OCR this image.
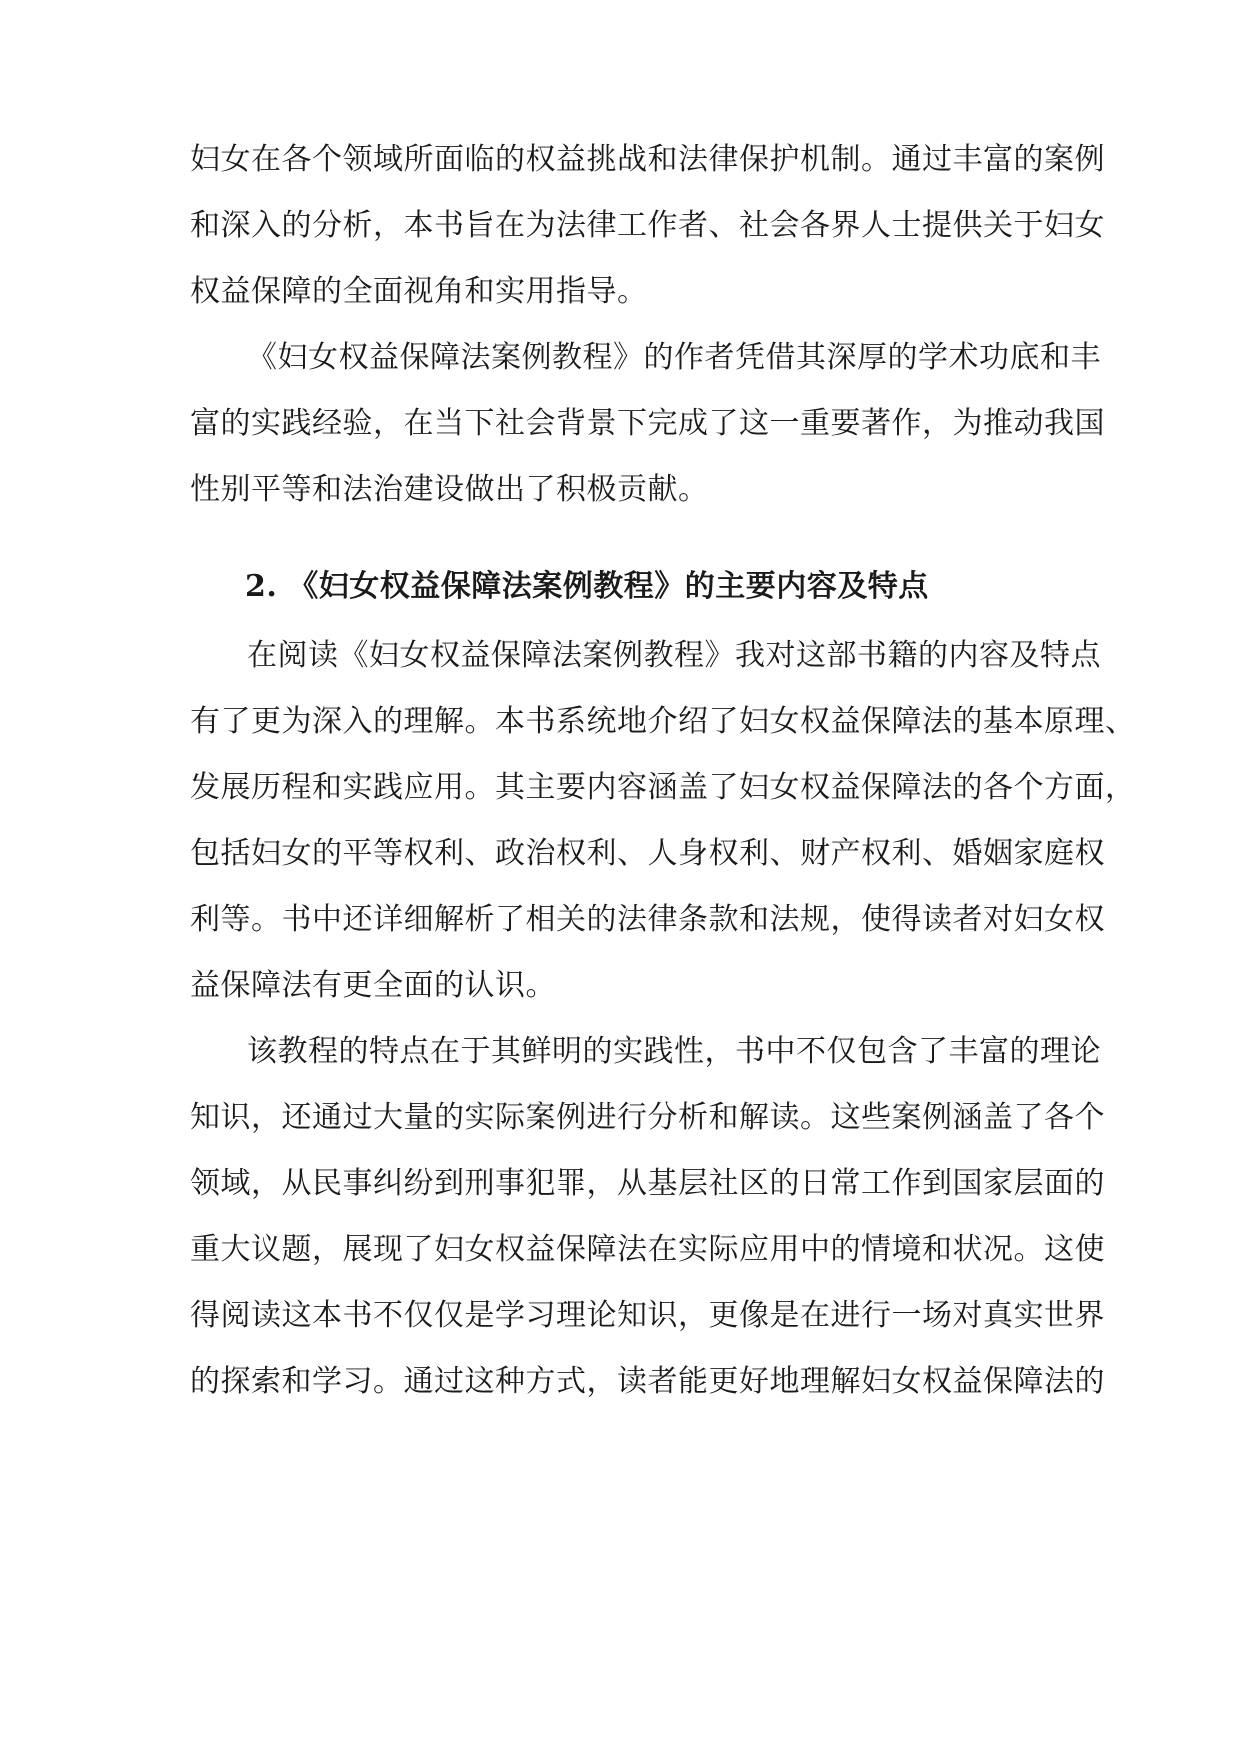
妇女在各个领域所面临的权益挑战和法律保护机制。通过丰富的案例
和深入的分析，本书旨在为法律工作者、社会各界人士提供关于妇女
权益保障的全面视角和实用指导。
《妇女权益保障法案例教程》的作者凭借其深厚的学术功底和丰
富的实践经验，在当下社会背景下完成了这一重要著作，为推动我国
性别平等和法治建设做出了积极贡献。
2. 《妇女权益保障法案例教程》的主要内容及特点
在阅读《妇女权益保障法案例教程》我对这部书籍的内容及特点
有了更为深入的理解。本书系统地介绍了妇女权益保障法的基本原理、
发展历程和实践应用。其主要内容涵盖了妇女权益保障法的各个方面，
包括妇女的平等权利、政治权利、人身权利、财产权利、婚姻家庭权
利等。书中还详细解析了相关的法律条款和法规，使得读者对妇女权
益保障法有更全面的认识。
该教程的特点在于其鲜明的实践性，书中不仅包含了丰富的理论
知识，还通过大量的实际案例进行分析和解读。这些案例涵盖了各个
领域，从民事纠纷到刑事犯罪，从基层社区的日常工作到国家层面的
重大议题，展现了妇女权益保障法在实际应用中的情境和状况。这使
得阅读这本书不仅仅是学习理论知识，更像是在进行一场对真实世界
的探索和学习。通过这种方式，读者能更好地理解妇女权益保障法的
